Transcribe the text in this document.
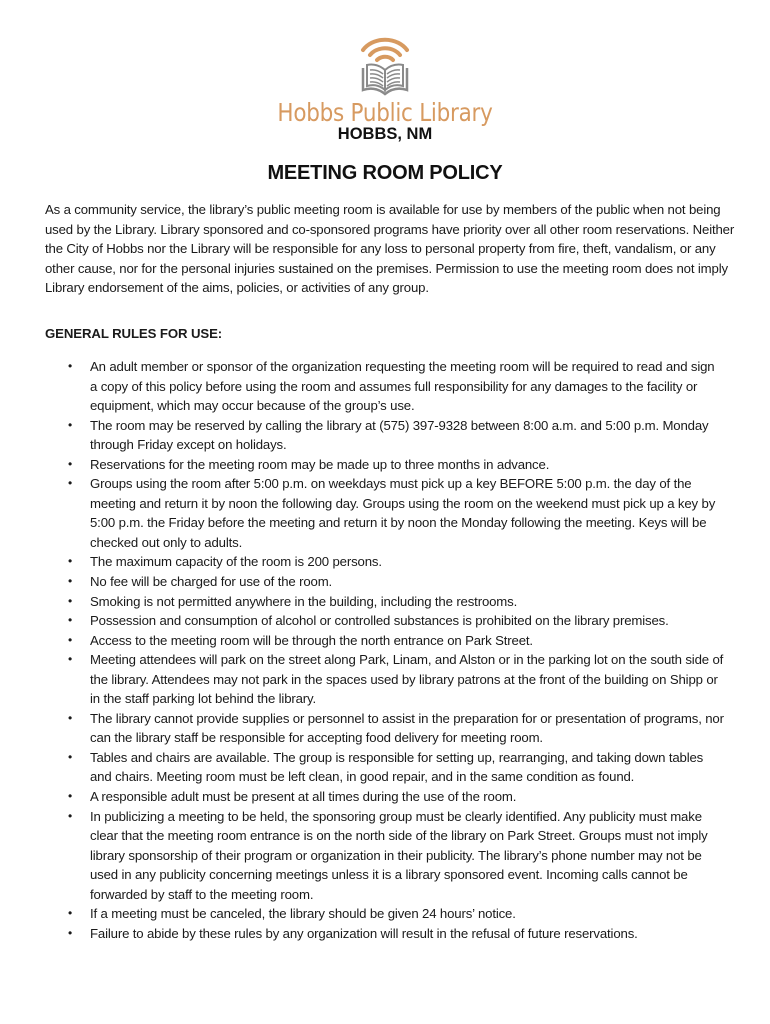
Hobbs Public Library
HOBBS, NM
MEETING ROOM POLICY

As a community service, the library’s public meeting room is available for use by members of the public when not being used by the Library. Library sponsored and co-sponsored programs have priority over all other room reservations. Neither the City of Hobbs nor the Library will be responsible for any loss to personal property from fire, theft, vandalism, or any other cause, nor for the personal injuries sustained on the premises. Permission to use the meeting room does not imply Library endorsement of the aims, policies, or activities of any group.

GENERAL RULES FOR USE:
• An adult member or sponsor of the organization requesting the meeting room will be required to read and sign a copy of this policy before using the room and assumes full responsibility for any damages to the facility or equipment, which may occur because of the group’s use.
• The room may be reserved by calling the library at (575) 397-9328 between 8:00 a.m. and 5:00 p.m. Monday through Friday except on holidays.
• Reservations for the meeting room may be made up to three months in advance.
• Groups using the room after 5:00 p.m. on weekdays must pick up a key BEFORE 5:00 p.m. the day of the meeting and return it by noon the following day. Groups using the room on the weekend must pick up a key by 5:00 p.m. the Friday before the meeting and return it by noon the Monday following the meeting. Keys will be checked out only to adults.
• The maximum capacity of the room is 200 persons.
• No fee will be charged for use of the room.
• Smoking is not permitted anywhere in the building, including the restrooms.
• Possession and consumption of alcohol or controlled substances is prohibited on the library premises.
• Access to the meeting room will be through the north entrance on Park Street.
• Meeting attendees will park on the street along Park, Linam, and Alston or in the parking lot on the south side of the library. Attendees may not park in the spaces used by library patrons at the front of the building on Shipp or in the staff parking lot behind the library.
• The library cannot provide supplies or personnel to assist in the preparation for or presentation of programs, nor can the library staff be responsible for accepting food delivery for meeting room.
• Tables and chairs are available. The group is responsible for setting up, rearranging, and taking down tables and chairs. Meeting room must be left clean, in good repair, and in the same condition as found.
• A responsible adult must be present at all times during the use of the room.
• In publicizing a meeting to be held, the sponsoring group must be clearly identified. Any publicity must make clear that the meeting room entrance is on the north side of the library on Park Street. Groups must not imply library sponsorship of their program or organization in their publicity. The library’s phone number may not be used in any publicity concerning meetings unless it is a library sponsored event. Incoming calls cannot be forwarded by staff to the meeting room.
• If a meeting must be canceled, the library should be given 24 hours’ notice.
• Failure to abide by these rules by any organization will result in the refusal of future reservations.
